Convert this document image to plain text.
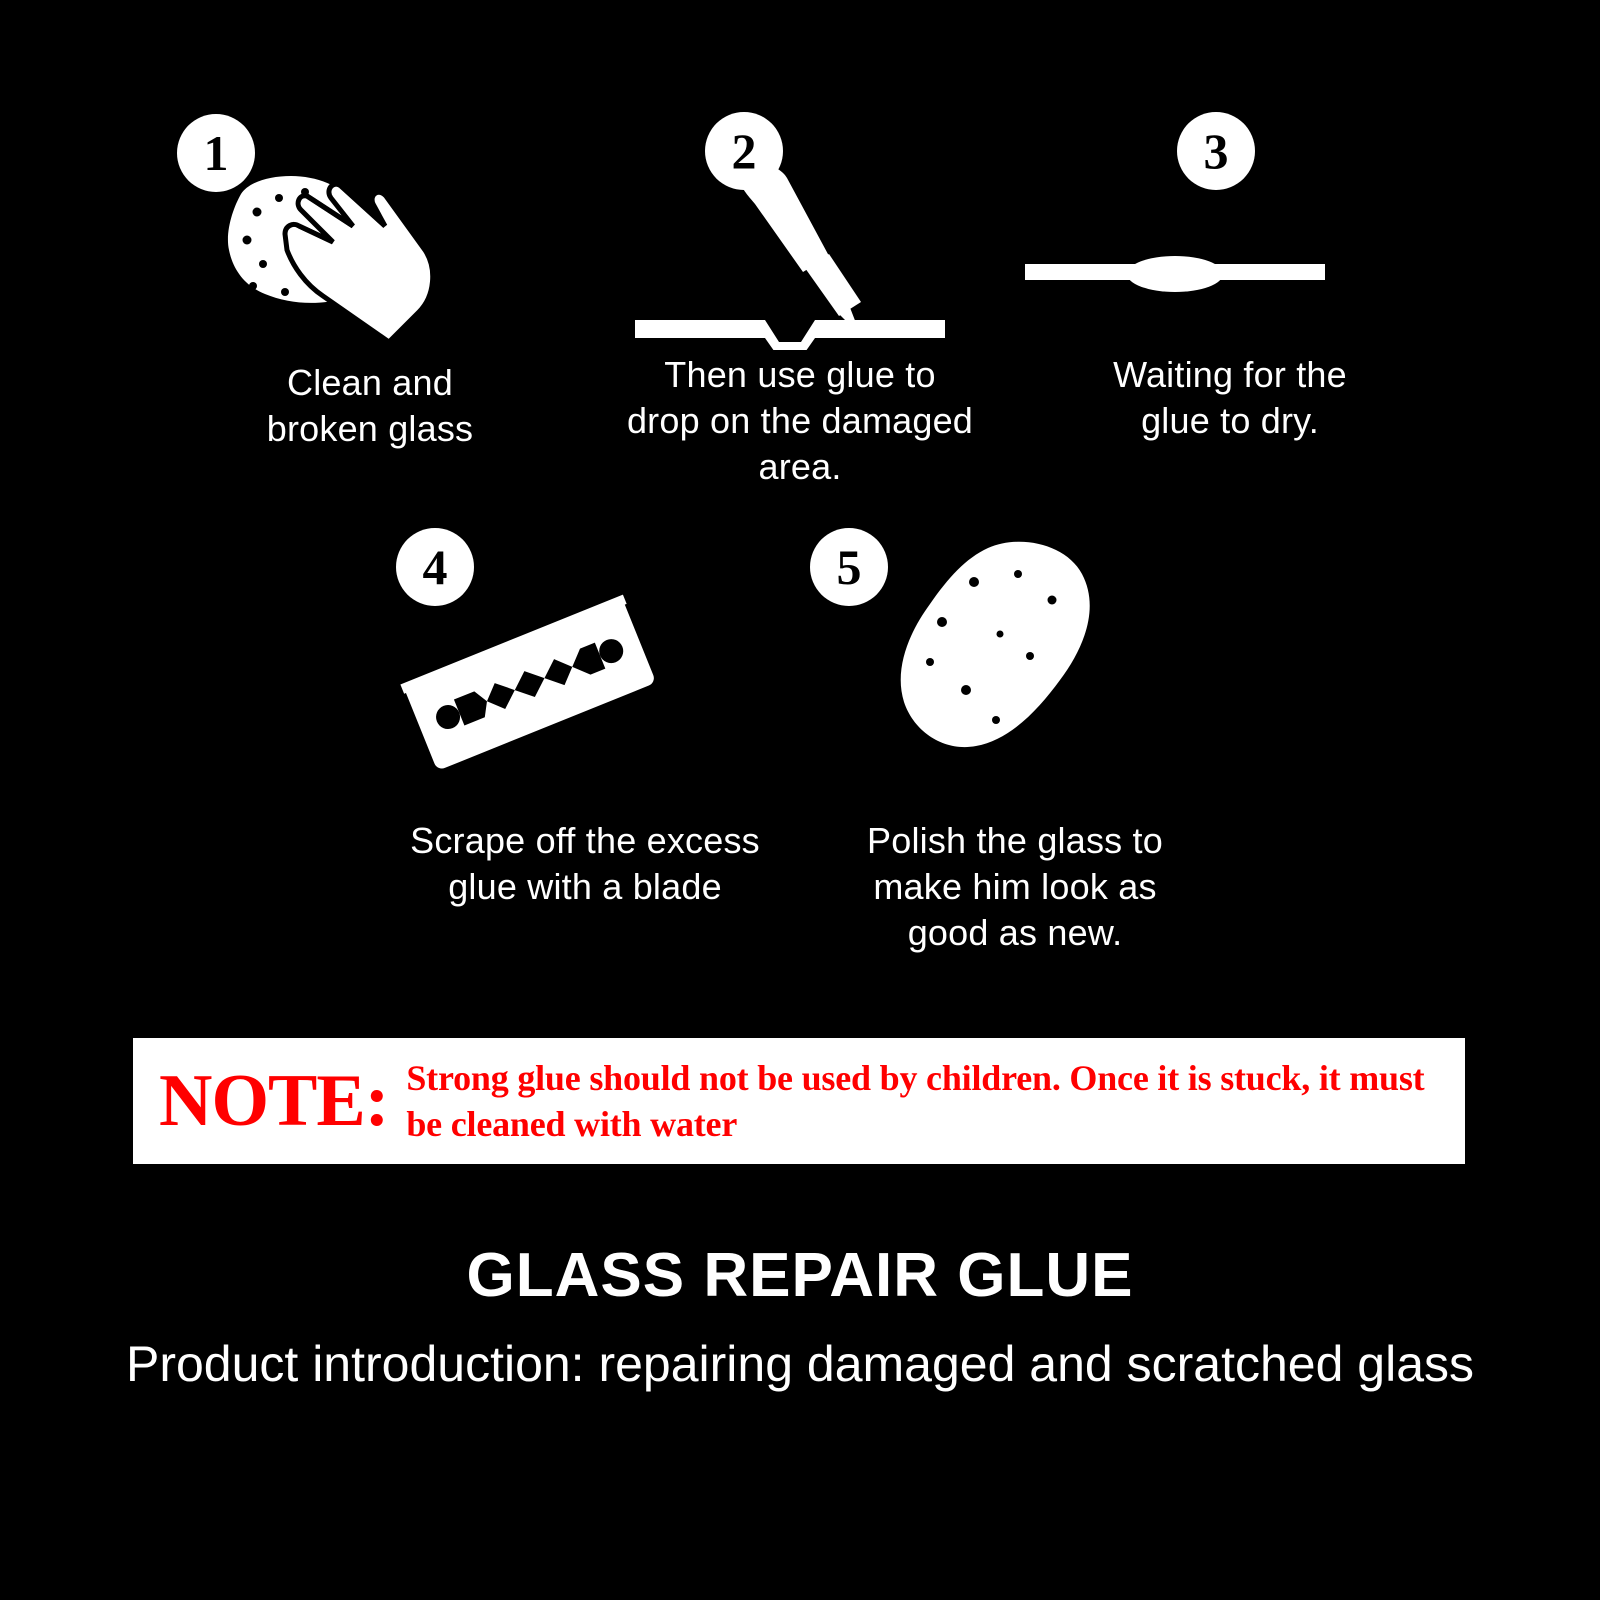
1
Clean and
broken glass
2
Then use glue to
drop on the damaged
area.
3
Waiting for the
glue to dry.
4
Scrape off the excess
glue with a blade
5
Polish the glass to
make him look as
good as new.
NOTE: Strong glue should not be used by children. Once it is stuck, it must be cleaned with water
GLASS REPAIR GLUE
Product introduction: repairing damaged and scratched glass
